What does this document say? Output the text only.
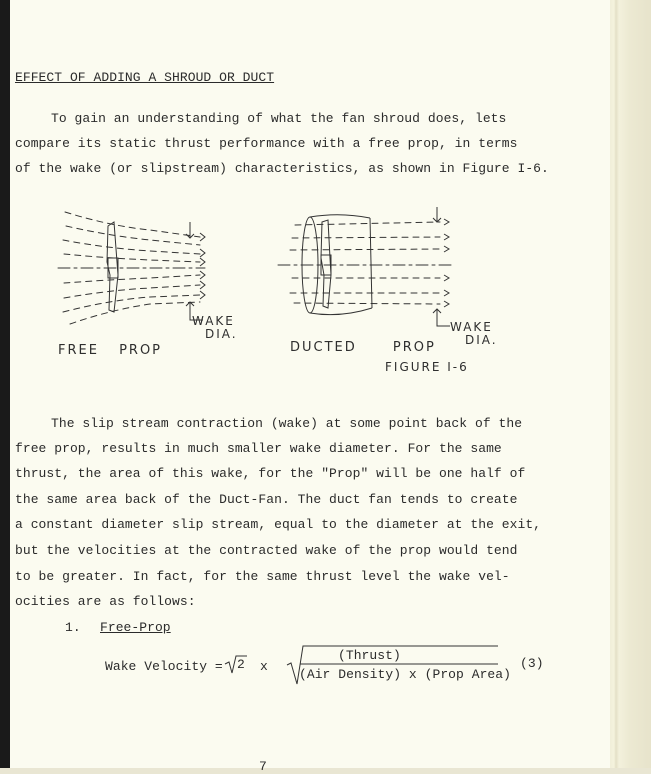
EFFECT OF ADDING A SHROUD OR DUCT
To gain an understanding of what the fan shroud does, lets
compare its static thrust performance with a free prop, in terms
of the wake (or slipstream) characteristics, as shown in Figure I-6.
WAKE
DIA.	WAKE
DIA.
FREE PROP	DUCTED PROP
FIGURE I-6
The slip stream contraction (wake) at some point back of the
free prop, results in much smaller wake diameter. For the same
thrust, the area of this wake, for the "Prop" will be one half of
the same area back of the Duct-Fan. The duct fan tends to create
a constant diameter slip stream, equal to the diameter at the exit,
but the velocities at the contracted wake of the prop would tend
to be greater. In fact, for the same thrust level the wake vel-
ocities are as follows:
1. Free-Prop
Wake Velocity = 2 x
(Thrust)
(Air Density) x (Prop Area)
(3)
7
